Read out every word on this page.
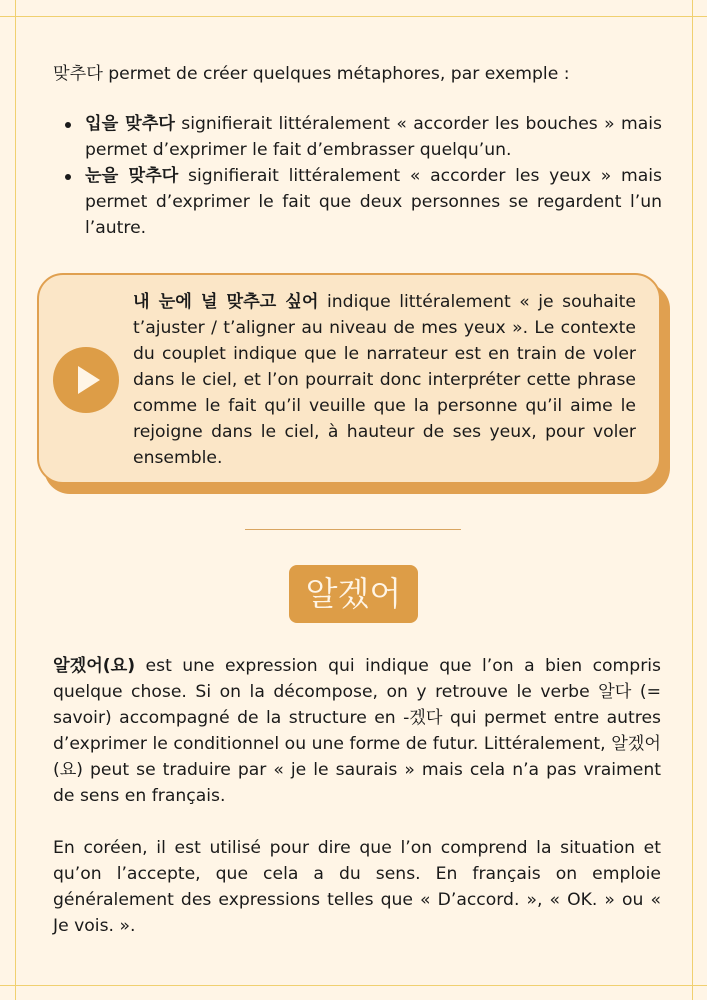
맞추다 permet de créer quelques métaphores, par exemple :

입을 맞추다 signifierait littéralement « accorder les bouches » mais permet d’exprimer le fait d’embrasser quelqu’un.
눈을 맞추다 signifierait littéralement « accorder les yeux » mais permet d’exprimer le fait que deux personnes se regardent l’un l’autre.

내 눈에 널 맞추고 싶어 indique littéralement « je souhaite t’ajuster / t’aligner au niveau de mes yeux ». Le contexte du couplet indique que le narrateur est en train de voler dans le ciel, et l’on pourrait donc interpréter cette phrase comme le fait qu’il veuille que la personne qu’il aime le rejoigne dans le ciel, à hauteur de ses yeux, pour voler ensemble.

알겠어

알겠어(요) est une expression qui indique que l’on a bien compris quelque chose. Si on la décompose, on y retrouve le verbe 알다 (= savoir) accompagné de la structure en -겠다 qui permet entre autres d’exprimer le conditionnel ou une forme de futur. Littéralement, 알겠어(요) peut se traduire par « je le saurais » mais cela n’a pas vraiment de sens en français.

En coréen, il est utilisé pour dire que l’on comprend la situation et qu’on l’accepte, que cela a du sens. En français on emploie généralement des expressions telles que « D’accord. », « OK. » ou « Je vois. ».
